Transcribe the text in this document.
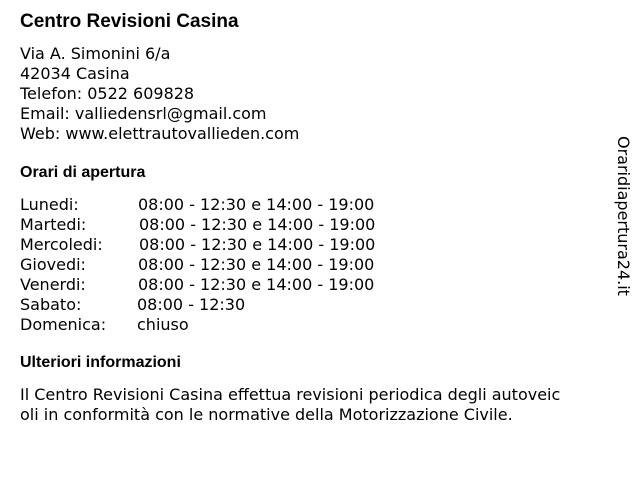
Centro Revisioni Casina
Via A. Simonini 6/a
42034 Casina
Telefon: 0522 609828
Email: valliedensrl@gmail.com
Web: www.elettrautovallieden.com
Orari di apertura
Lunedi:	08:00 - 12:30 e 14:00 - 19:00
Martedi:	08:00 - 12:30 e 14:00 - 19:00
Mercoledi: 08:00 - 12:30 e 14:00 - 19:00
Giovedi:	08:00 - 12:30 e 14:00 - 19:00
Venerdi:	08:00 - 12:30 e 14:00 - 19:00
Sabato:	08:00 - 12:30
Domenica: chiuso
Ulteriori informazioni
Il Centro Revisioni Casina effettua revisioni periodica degli autoveic
oli in conformità con le normative della Motorizzazione Civile.
Oraridiapertura24.it
